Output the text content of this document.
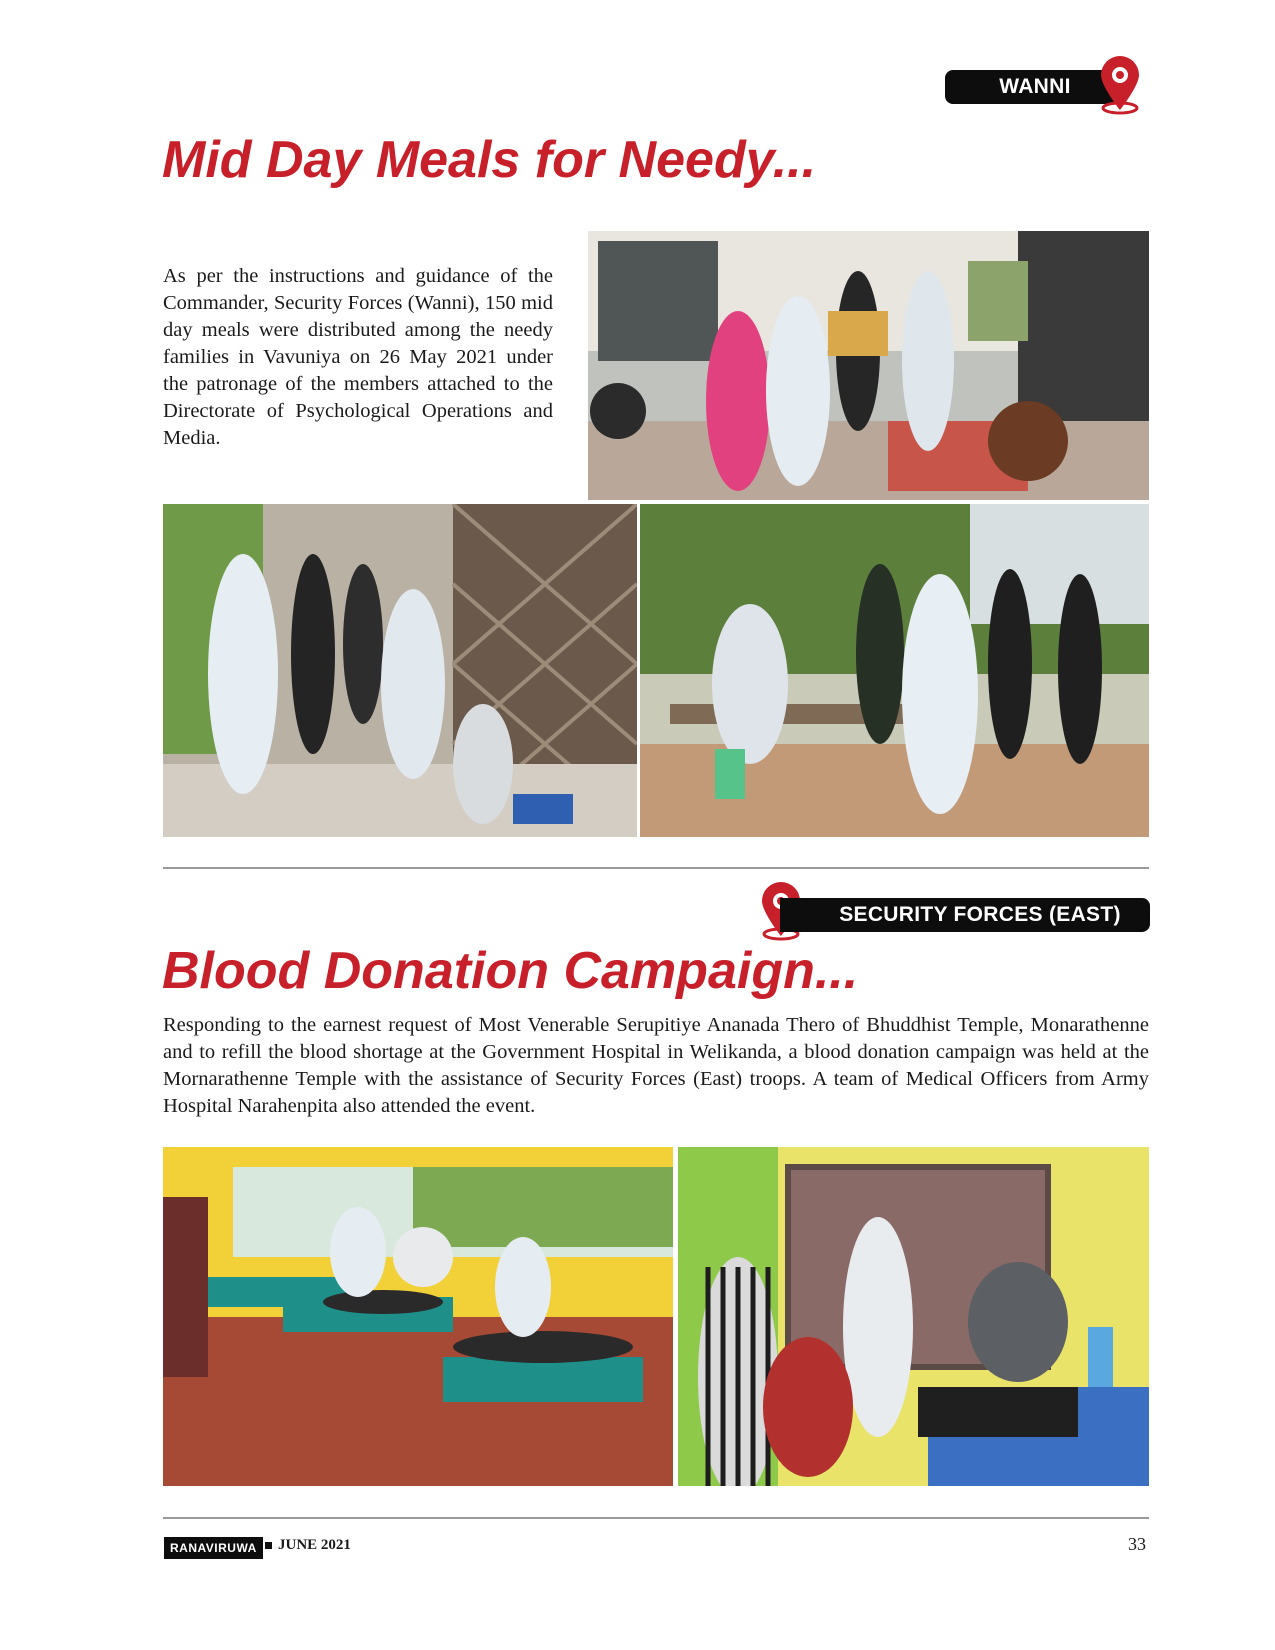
WANNI
Mid Day Meals for Needy...

As per the instructions and guidance of the Commander, Security Forces (Wanni), 150 mid day meals were distributed among the needy families in Vavuniya on 26 May 2021 under the patronage of the members attached to the Directorate of Psychological Operations and Media.

SECURITY FORCES (EAST)
Blood Donation Campaign...

Responding to the earnest request of Most Venerable Serupitiye Ananada Thero of Bhuddhist Temple, Monarathenne and to refill the blood shortage at the Government Hospital in Welikanda, a blood donation campaign was held at the Mornarathenne Temple with the assistance of Security Forces (East) troops. A team of Medical Officers from Army Hospital Narahenpita also attended the event.

RANAVIRUWA	JUNE 2021	33
